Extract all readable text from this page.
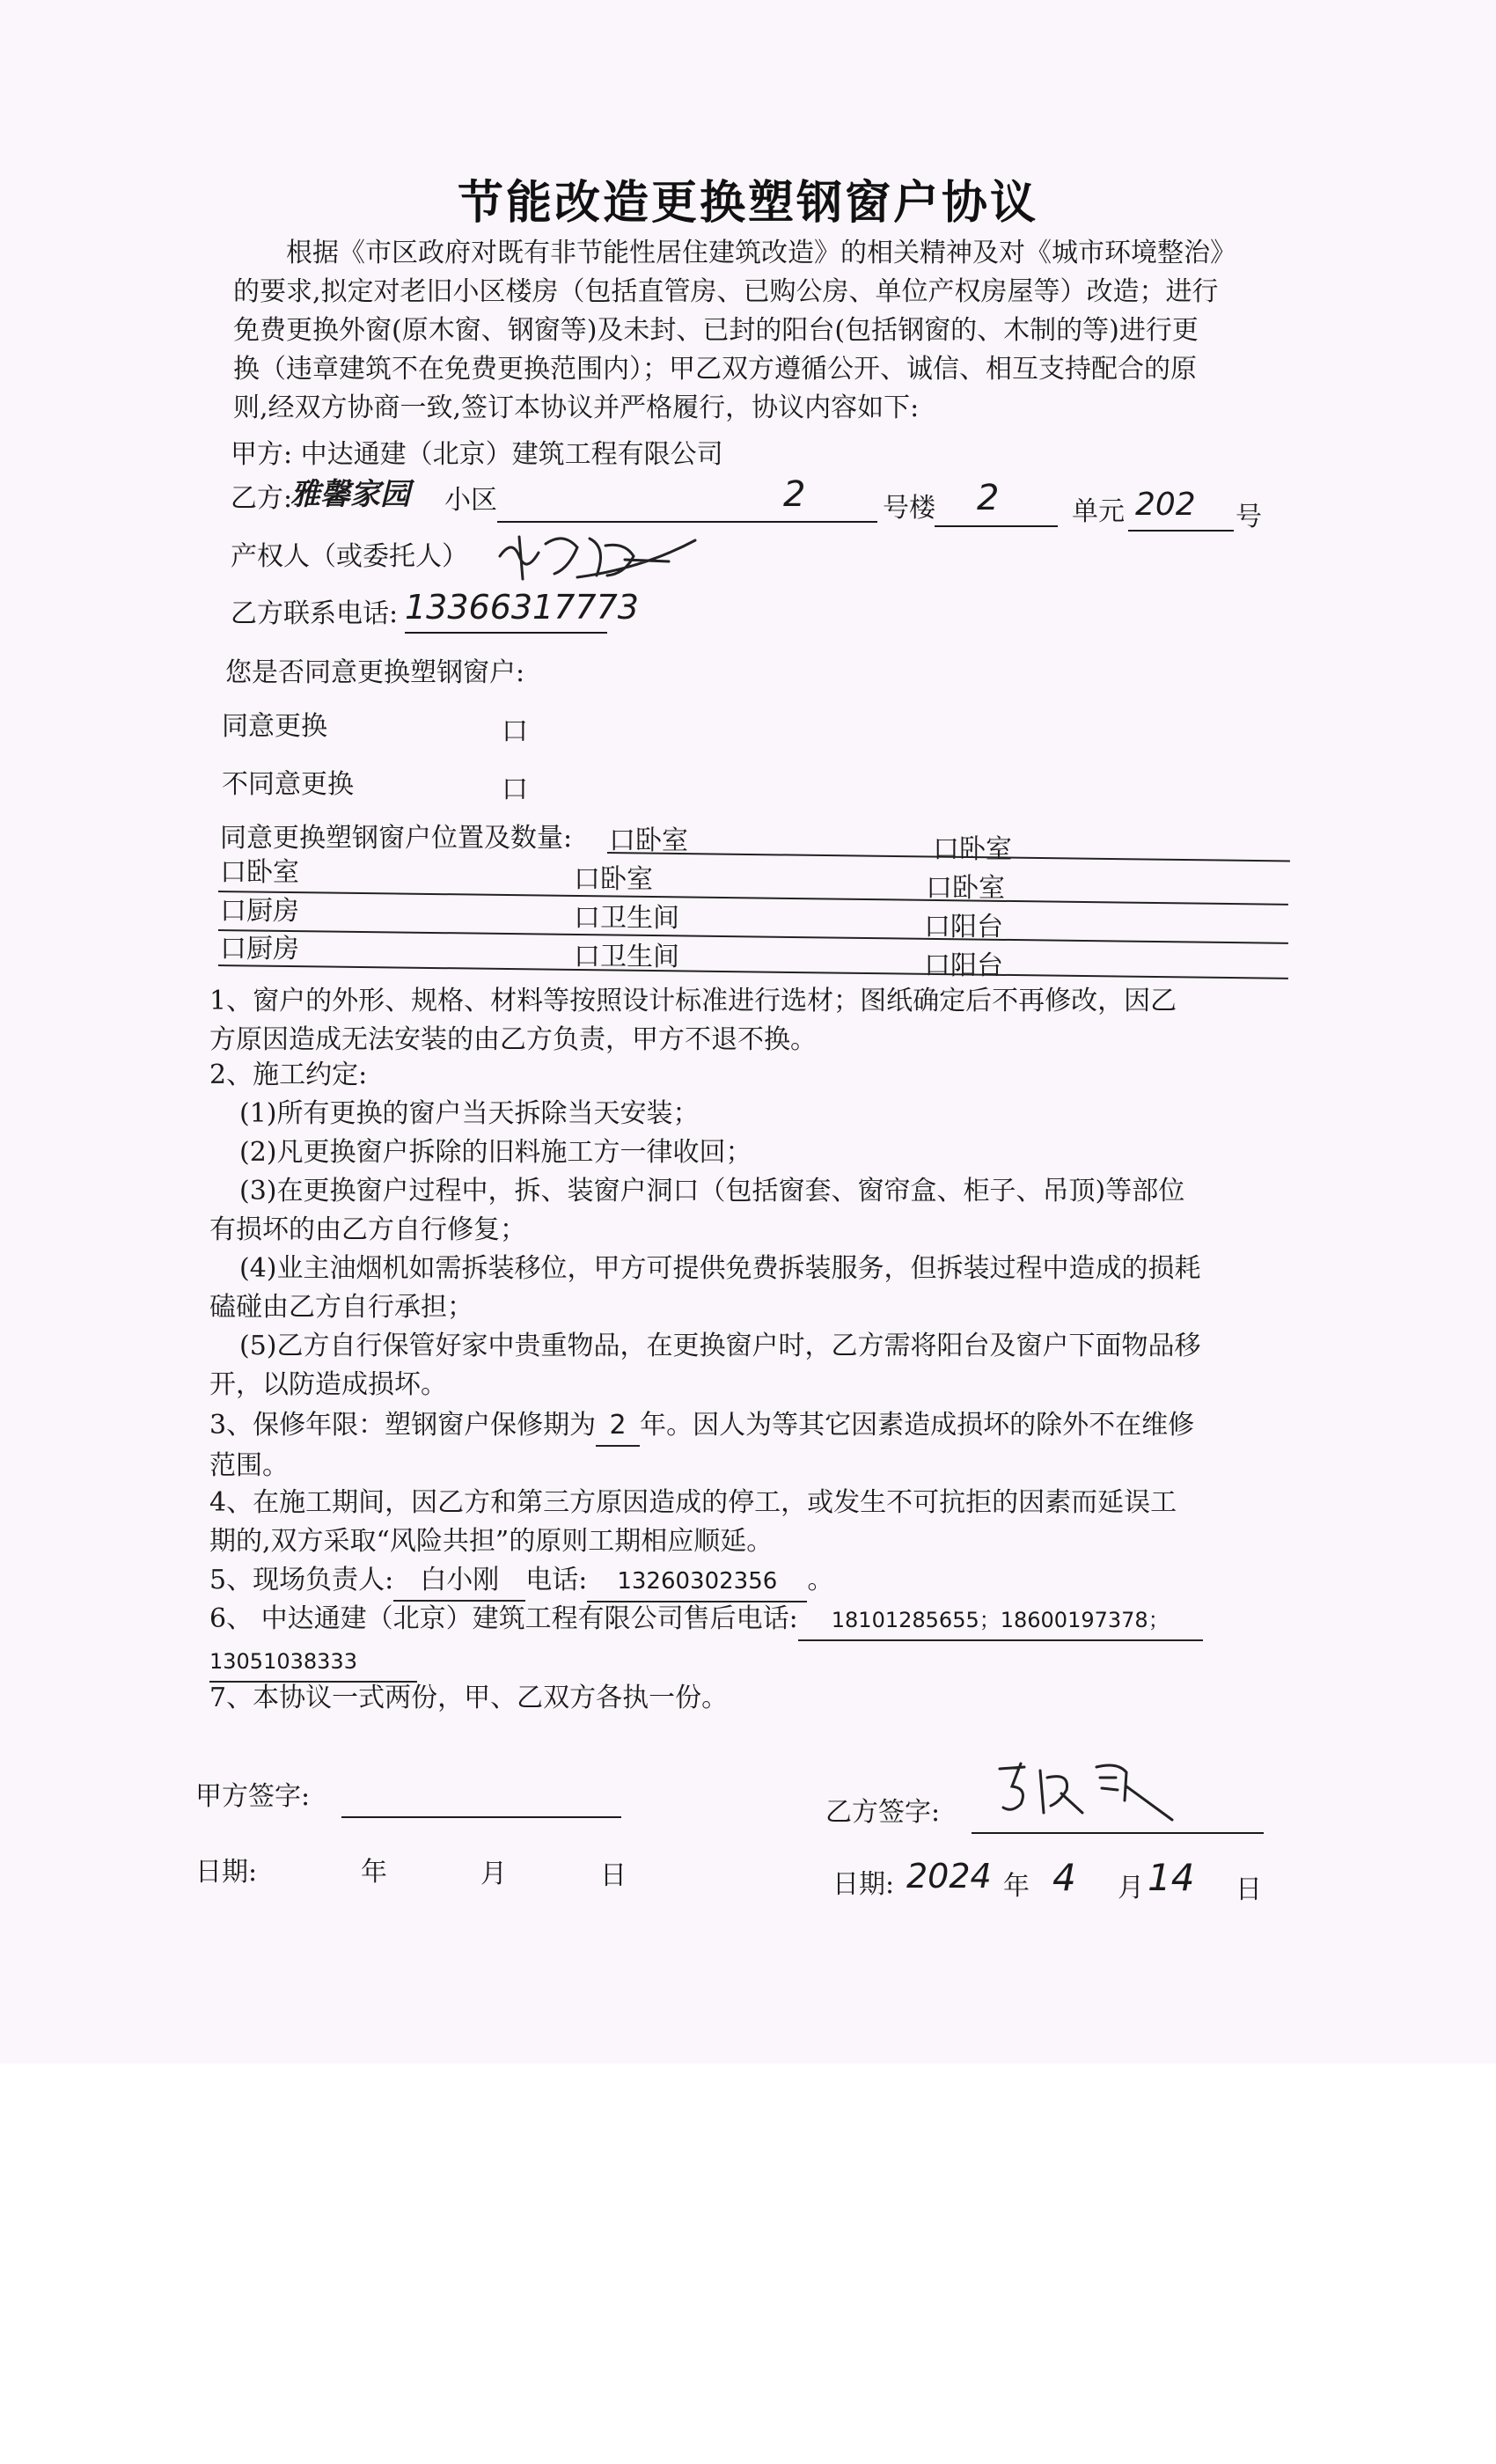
节能改造更换塑钢窗户协议
根据《市区政府对既有非节能性居住建筑改造》的相关精神及对《城市环境整治》
的要求,拟定对老旧小区楼房（包括直管房、已购公房、单位产权房屋等）改造；进行
免费更换外窗(原木窗、钢窗等)及未封、已封的阳台(包括钢窗的、木制的等)进行更
换（违章建筑不在免费更换范围内）；甲乙双方遵循公开、诚信、相互支持配合的原
则,经双方协商一致,签订本协议并严格履行，协议内容如下:
甲方: 中达通建（北京）建筑工程有限公司
乙方:
雅馨家园 小区	2	号楼 2	单元 202 号
产权人（或委托人）
乙方联系电话: 13366317773
您是否同意更换塑钢窗户:
同意更换	口
不同意更换	口
同意更换塑钢窗户位置及数量: 口卧室	口卧室
口卧室	口卧室	口卧室
口厨房	口卫生间	口阳台
口厨房	口卫生间	口阳台
1、窗户的外形、规格、材料等按照设计标准进行选材；图纸确定后不再修改，因乙
方原因造成无法安装的由乙方负责，甲方不退不换。
2、施工约定:
(1)所有更换的窗户当天拆除当天安装；
(2)凡更换窗户拆除的旧料施工方一律收回；
(3)在更换窗户过程中，拆、装窗户洞口（包括窗套、窗帘盒、柜子、吊顶)等部位
有损坏的由乙方自行修复；
(4)业主油烟机如需拆装移位，甲方可提供免费拆装服务，但拆装过程中造成的损耗
磕碰由乙方自行承担；
(5)乙方自行保管好家中贵重物品，在更换窗户时，乙方需将阳台及窗户下面物品移
开，以防造成损坏。
3、保修年限：塑钢窗户保修期为 2 年。因人为等其它因素造成损坏的除外不在维修
范围。
4、在施工期间，因乙方和第三方原因造成的停工，或发生不可抗拒的因素而延误工
期的,双方采取“风险共担”的原则工期相应顺延。
5、现场负责人: 白小刚 电话: 13260302356 。
6、 中达通建（北京）建筑工程有限公司售后电话: 18101285655；18600197378；
13051038333
7、本协议一式两份，甲、乙双方各执一份。
甲方签字:
乙方签字:
日期:	年	月	日	日期: 2024 年 4 月 14 日
